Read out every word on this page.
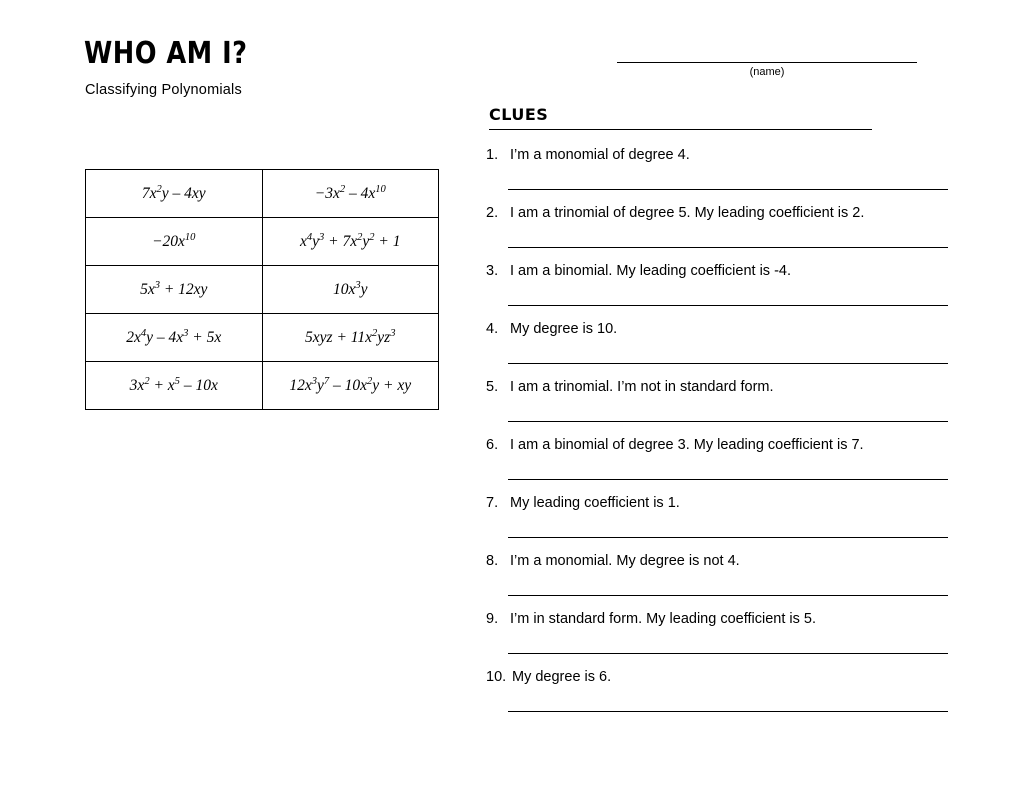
WHO AM I?
Classifying Polynomials
(name)
CLUES
$7x^2y - 4xy$	$-3x^2 - 4x^{10}$
$-20x^{10}$	$x^4y^3 + 7x^2y^2 + 1$
$5x^3 + 12xy$	$10x^3y$
$2x^4y - 4x^3 + 5x$	$5xyz + 11x^2yz^3$
$3x^2 + x^5 - 10x$	$12x^3y^7 - 10x^2y$ + xy
1. I’m a monomial of degree 4.
2. I am a trinomial of degree 5. My leading coefficient is 2.
3. I am a binomial. My leading coefficient is -4.
4. My degree is 10.
5. I am a trinomial. I’m not in standard form.
6. I am a binomial of degree 3. My leading coefficient is 7.
7. My leading coefficient is 1.
8. I’m a monomial. My degree is not 4.
9. I’m in standard form. My leading coefficient is 5.
10. My degree is 6.
